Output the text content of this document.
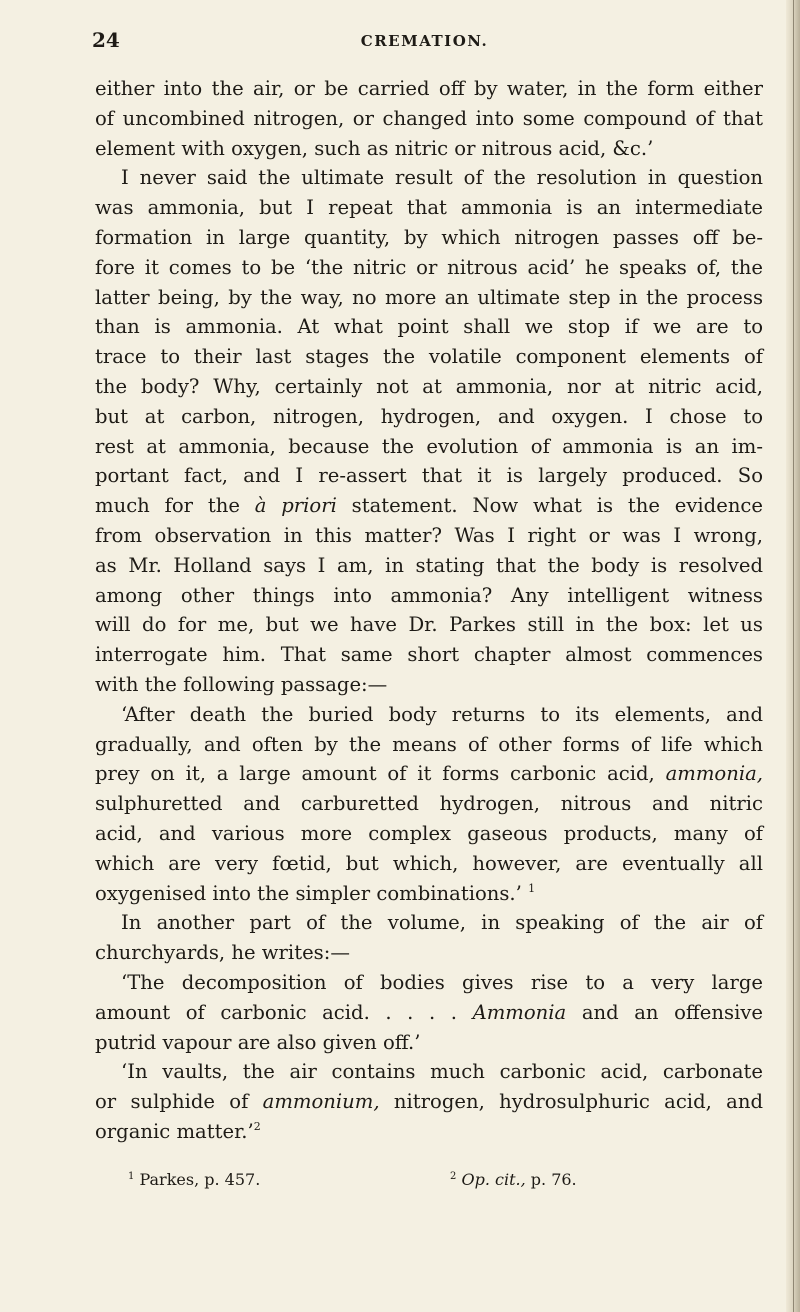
24	CREMATION.
either into the air, or be carried off by water, in the form either
of uncombined nitrogen, or changed into some compound of that
element with oxygen, such as nitric or nitrous acid, &c.’
I never said the ultimate result of the resolution in question
was ammonia, but I repeat that ammonia is an intermediate
formation in large quantity, by which nitrogen passes off be-
fore it comes to be ‘the nitric or nitrous acid’ he speaks of, the
latter being, by the way, no more an ultimate step in the process
than is ammonia. At what point shall we stop if we are to
trace to their last stages the volatile component elements of
the body? Why, certainly not at ammonia, nor at nitric acid,
but at carbon, nitrogen, hydrogen, and oxygen. I chose to
rest at ammonia, because the evolution of ammonia is an im-
portant fact, and I re-assert that it is largely produced. So
much for the à priori statement. Now what is the evidence
from observation in this matter? Was I right or was I wrong,
as Mr. Holland says I am, in stating that the body is resolved
among other things into ammonia? Any intelligent witness
will do for me, but we have Dr. Parkes still in the box: let us
interrogate him. That same short chapter almost commences
with the following passage:—
‘After death the buried body returns to its elements, and
gradually, and often by the means of other forms of life which
prey on it, a large amount of it forms carbonic acid, ammonia,
sulphuretted and carburetted hydrogen, nitrous and nitric
acid, and various more complex gaseous products, many of
which are very fœtid, but which, however, are eventually all
oxygenised into the simpler combinations.’ $^1$
In another part of the volume, in speaking of the air of
churchyards, he writes:—
‘The decomposition of bodies gives rise to a very large
amount of carbonic acid. . . . . Ammonia and an offensive
putrid vapour are also given off.’
‘In vaults, the air contains much carbonic acid, carbonate
or sulphide of ammonium, nitrogen, hydrosulphuric acid, and
organic matter.’$^2$
$^1$ Parkes, p. 457.	$^2$ Op. cit., p. 76.
